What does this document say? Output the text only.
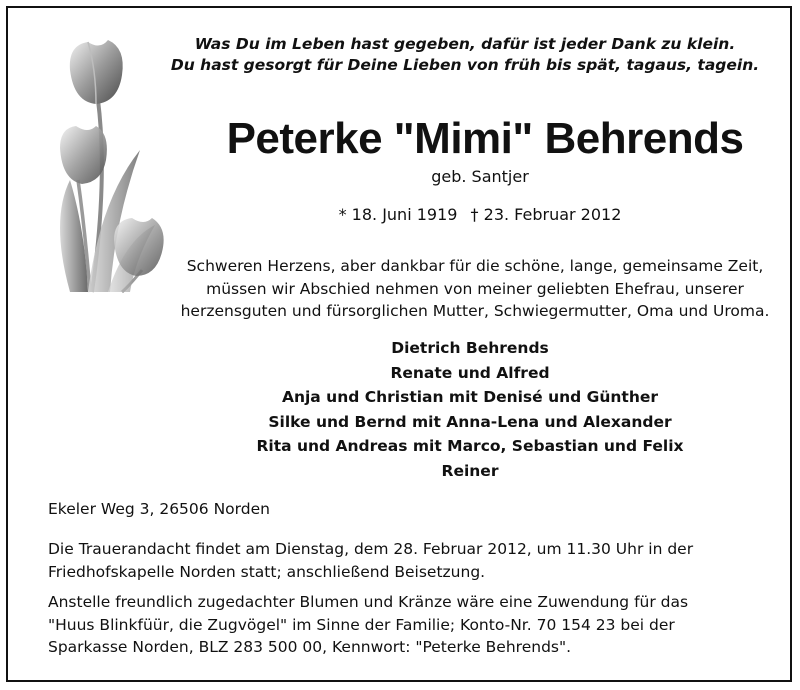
Was Du im Leben hast gegeben, dafür ist jeder Dank zu klein.
Du hast gesorgt für Deine Lieben von früh bis spät, tagaus, tagein.
Peterke "Mimi" Behrends
geb. Santjer
* 18. Juni 1919 † 23. Februar 2012
Schweren Herzens, aber dankbar für die schöne, lange, gemeinsame Zeit,
müssen wir Abschied nehmen von meiner geliebten Ehefrau, unserer
herzensguten und fürsorglichen Mutter, Schwiegermutter, Oma und Uroma.
Dietrich Behrends
Renate und Alfred
Anja und Christian mit Denisé und Günther
Silke und Bernd mit Anna-Lena und Alexander
Rita und Andreas mit Marco, Sebastian und Felix
Reiner
Ekeler Weg 3, 26506 Norden
Die Trauerandacht findet am Dienstag, dem 28. Februar 2012, um 11.30 Uhr in der
Friedhofskapelle Norden statt; anschließend Beisetzung.
Anstelle freundlich zugedachter Blumen und Kränze wäre eine Zuwendung für das
"Huus Blinkfüür, die Zugvögel" im Sinne der Familie; Konto-Nr. 70 154 23 bei der
Sparkasse Norden, BLZ 283 500 00, Kennwort: "Peterke Behrends".
